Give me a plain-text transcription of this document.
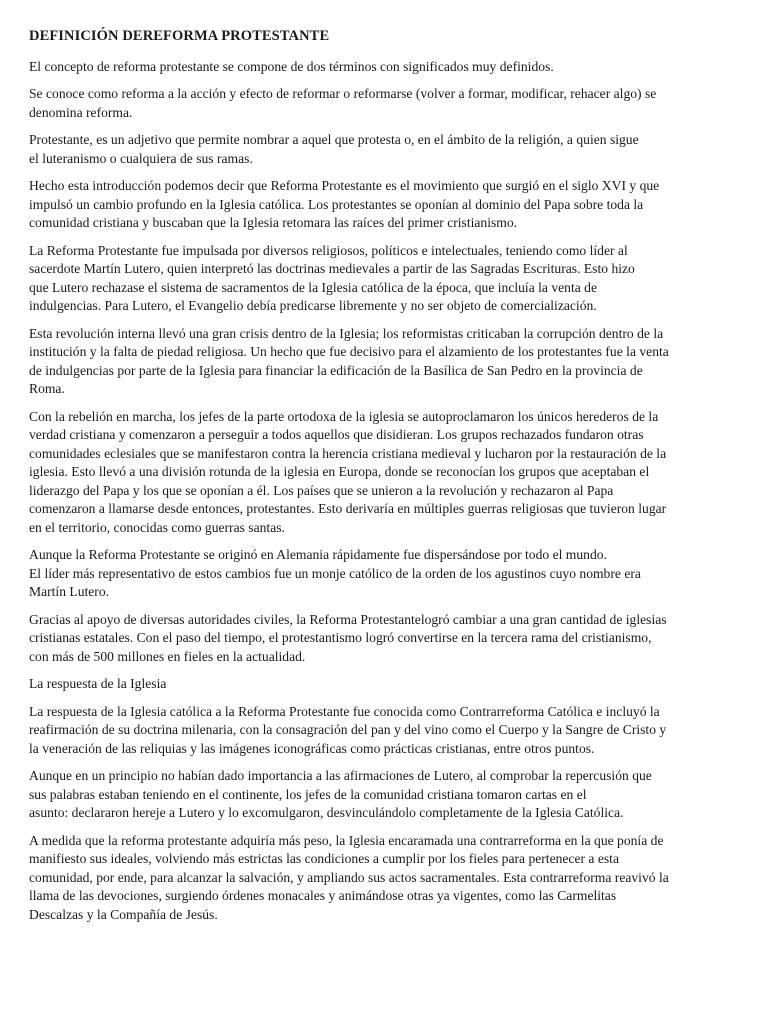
DEFINICIÓN DEREFORMA PROTESTANTE
El concepto de reforma protestante se compone de dos términos con significados muy definidos.
Se conoce como reforma a la acción y efecto de reformar o reformarse (volver a formar, modificar, rehacer algo) se
denomina reforma.
Protestante, es un adjetivo que permite nombrar a aquel que protesta o, en el ámbito de la religión, a quien sigue
el luteranismo o cualquiera de sus ramas.
Hecho esta introducción podemos decir que Reforma Protestante es el movimiento que surgió en el siglo XVI y que
impulsó un cambio profundo en la Iglesia católica. Los protestantes se oponían al dominio del Papa sobre toda la
comunidad cristiana y buscaban que la Iglesia retomara las raíces del primer cristianismo.
La Reforma Protestante fue impulsada por diversos religiosos, políticos e intelectuales, teniendo como líder al
sacerdote Martín Lutero, quien interpretó las doctrinas medievales a partir de las Sagradas Escrituras. Esto hizo
que Lutero rechazase el sistema de sacramentos de la Iglesia católica de la época, que incluía la venta de
indulgencias. Para Lutero, el Evangelio debía predicarse libremente y no ser objeto de comercialización.
Esta revolución interna llevó una gran crisis dentro de la Iglesia; los reformistas criticaban la corrupción dentro de la
institución y la falta de piedad religiosa. Un hecho que fue decisivo para el alzamiento de los protestantes fue la venta
de indulgencias por parte de la Iglesia para financiar la edificación de la Basílica de San Pedro en la provincia de
Roma.
Con la rebelión en marcha, los jefes de la parte ortodoxa de la iglesia se autoproclamaron los únicos herederos de la
verdad cristiana y comenzaron a perseguir a todos aquellos que disidieran. Los grupos rechazados fundaron otras
comunidades eclesiales que se manifestaron contra la herencia cristiana medieval y lucharon por la restauración de la
iglesia. Esto llevó a una división rotunda de la iglesia en Europa, donde se reconocían los grupos que aceptaban el
liderazgo del Papa y los que se oponían a él. Los países que se unieron a la revolución y rechazaron al Papa
comenzaron a llamarse desde entonces, protestantes. Esto derivaría en múltiples guerras religiosas que tuvieron lugar
en el territorio, conocidas como guerras santas.
Aunque la Reforma Protestante se originó en Alemania rápidamente fue dispersándose por todo el mundo.
El líder más representativo de estos cambios fue un monje católico de la orden de los agustinos cuyo nombre era
Martín Lutero.
Gracias al apoyo de diversas autoridades civiles, la Reforma Protestantelogró cambiar a una gran cantidad de iglesias
cristianas estatales. Con el paso del tiempo, el protestantismo logró convertirse en la tercera rama del cristianismo,
con más de 500 millones en fieles en la actualidad.
La respuesta de la Iglesia
La respuesta de la Iglesia católica a la Reforma Protestante fue conocida como Contrarreforma Católica e incluyó la
reafirmación de su doctrina milenaria, con la consagración del pan y del vino como el Cuerpo y la Sangre de Cristo y
la veneración de las reliquias y las imágenes iconográficas como prácticas cristianas, entre otros puntos.
Aunque en un principio no habían dado importancia a las afirmaciones de Lutero, al comprobar la repercusión que
sus palabras estaban teniendo en el continente, los jefes de la comunidad cristiana tomaron cartas en el
asunto: declararon hereje a Lutero y lo excomulgaron, desvinculándolo completamente de la Iglesia Católica.
A medida que la reforma protestante adquiría más peso, la Iglesia encaramada una contrarreforma en la que ponía de
manifiesto sus ideales, volviendo más estrictas las condiciones a cumplir por los fieles para pertenecer a esta
comunidad, por ende, para alcanzar la salvación, y ampliando sus actos sacramentales. Esta contrarreforma reavivó la
llama de las devociones, surgiendo órdenes monacales y animándose otras ya vigentes, como las Carmelitas
Descalzas y la Compañía de Jesús.
